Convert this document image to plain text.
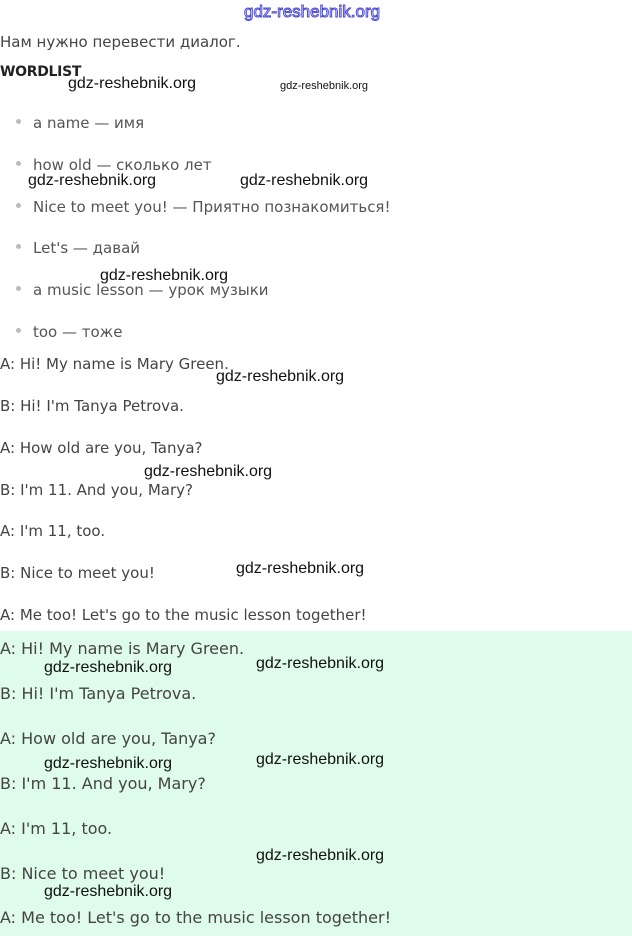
gdz-reshebnik.org
Нам нужно перевести диалог.
WORDLIST
a name — имя
how old — сколько лет
Nice to meet you! — Приятно познакомиться!
Let's — давай
a music lesson — урок музыки
too — тоже
A: Hi! My name is Mary Green.
B: Hi! I'm Tanya Petrova.
A: How old are you, Tanya?
B: I'm 11. And you, Mary?
A: I'm 11, too.
B: Nice to meet you!
A: Me too! Let's go to the music lesson together!
A: Hi! My name is Mary Green.
B: Hi! I'm Tanya Petrova.
A: How old are you, Tanya?
B: I'm 11. And you, Mary?
A: I'm 11, too.
B: Nice to meet you!
A: Me too! Let's go to the music lesson together!
gdz-reshebnik.org	gdz-reshebnik.org
gdz-reshebnik.org	gdz-reshebnik.org
gdz-reshebnik.org
gdz-reshebnik.org
gdz-reshebnik.org
gdz-reshebnik.org
gdz-reshebnik.org	gdz-reshebnik.org
gdz-reshebnik.org	gdz-reshebnik.org
gdz-reshebnik.org
gdz-reshebnik.org
